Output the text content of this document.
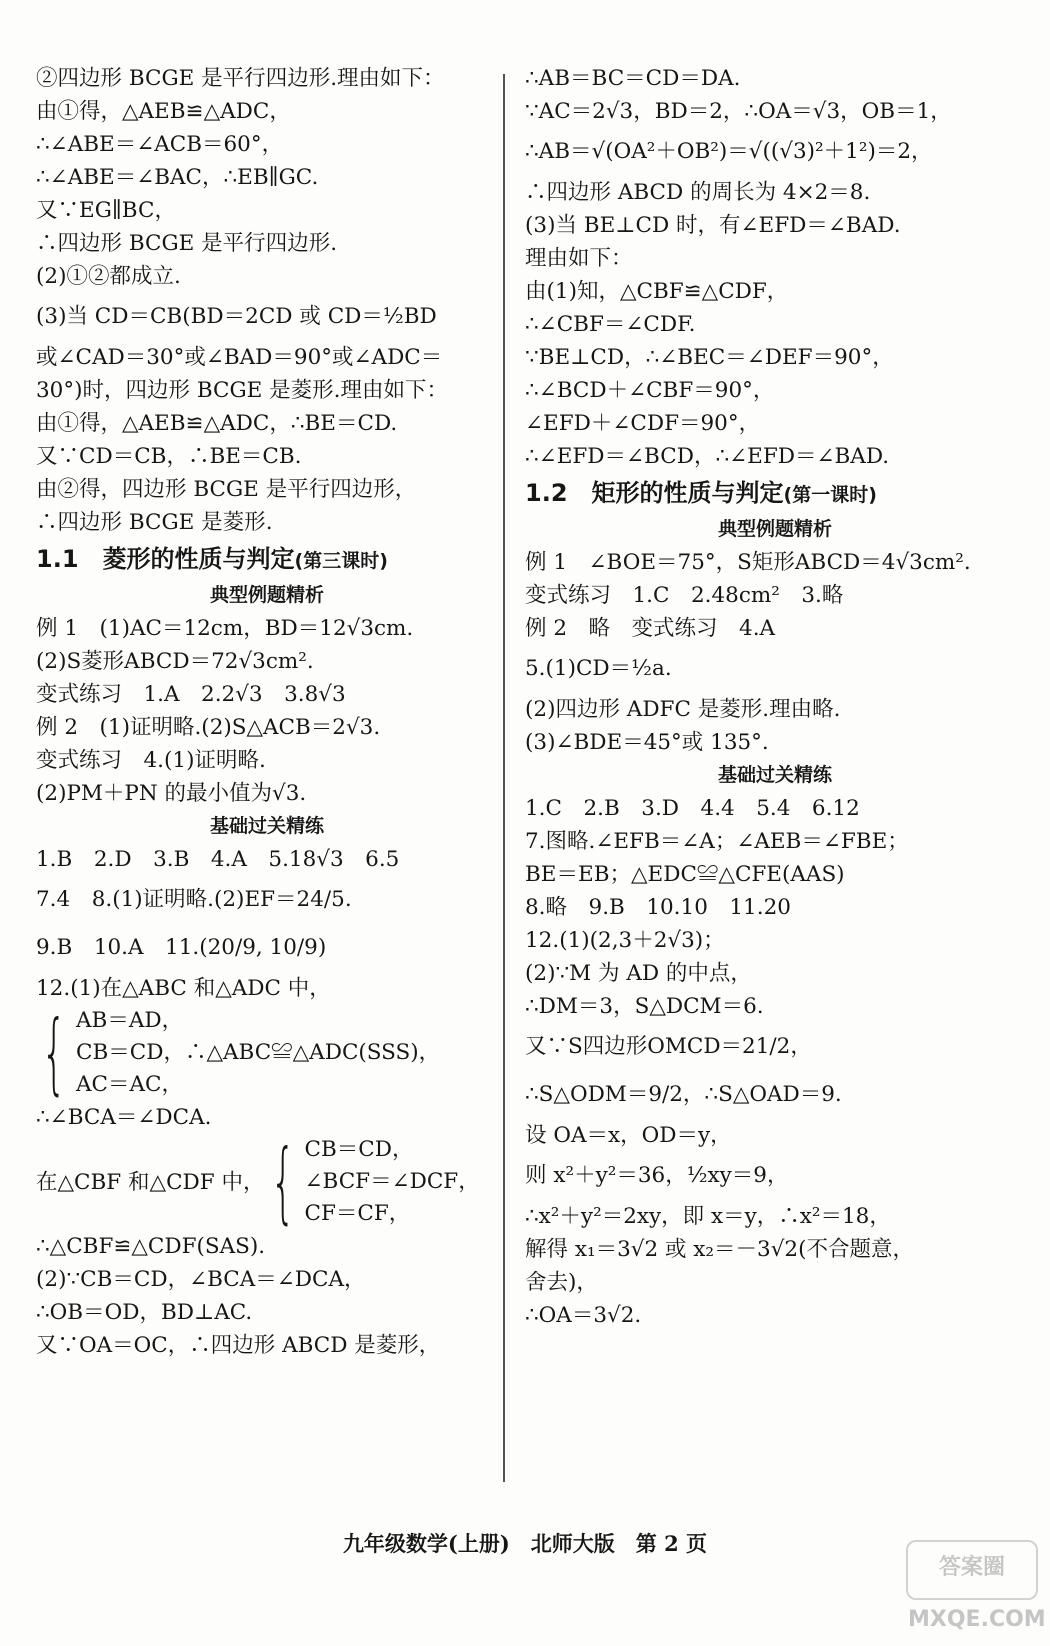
②四边形 BCGE 是平行四边形.理由如下：
由①得，△AEB≌△ADC，
∴∠ABE＝∠ACB＝60°，
∴∠ABE＝∠BAC，∴EB∥GC.
又∵EG∥BC，
∴四边形 BCGE 是平行四边形.
(2)①②都成立.
(3)当 CD＝CB(BD＝2CD 或 CD＝½BD
或∠CAD＝30°或∠BAD＝90°或∠ADC＝
30°)时，四边形 BCGE 是菱形.理由如下：
由①得，△AEB≌△ADC，∴BE＝CD.
又∵CD＝CB，∴BE＝CB.
由②得，四边形 BCGE 是平行四边形，
∴四边形 BCGE 是菱形.
1.1　菱形的性质与判定(第三课时)
典型例题精析
例 1　(1)AC＝12cm，BD＝12√3cm.
(2)S菱形ABCD＝72√3cm².
变式练习　1.A　2.2√3　3.8√3
例 2　(1)证明略.(2)S△ACB＝2√3.
变式练习　4.(1)证明略.
(2)PM＋PN 的最小值为√3.
基础过关精练
1.B　2.D　3.B　4.A　5.18√3　6.5
7.4　8.(1)证明略.(2)EF＝24/5.
9.B　10.A　11.(20/9, 10/9)
12.(1)在△ABC 和△ADC 中，
{ AB＝AD，
CB＝CD，∴△ABC≌△ADC(SSS)，
AC＝AC，
∴∠BCA＝∠DCA.
在△CBF 和△CDF 中， { CB＝CD，
∠BCF＝∠DCF，
CF＝CF，
∴△CBF≌△CDF(SAS).
(2)∵CB＝CD，∠BCA＝∠DCA，
∴OB＝OD，BD⊥AC.
又∵OA＝OC，∴四边形 ABCD 是菱形，
∴AB＝BC＝CD＝DA.
∵AC＝2√3，BD＝2，∴OA＝√3，OB＝1，
∴AB＝√(OA²＋OB²)＝√((√3)²＋1²)＝2，
∴四边形 ABCD 的周长为 4×2＝8.
(3)当 BE⊥CD 时，有∠EFD＝∠BAD.
理由如下：
由(1)知，△CBF≌△CDF，
∴∠CBF＝∠CDF.
∵BE⊥CD，∴∠BEC＝∠DEF＝90°，
∴∠BCD＋∠CBF＝90°，
∠EFD＋∠CDF＝90°，
∴∠EFD＝∠BCD，∴∠EFD＝∠BAD.
1.2　矩形的性质与判定(第一课时)
典型例题精析
例 1　∠BOE＝75°，S矩形ABCD＝4√3cm².
变式练习　1.C　2.48cm²　3.略
例 2　略　变式练习　4.A
5.(1)CD＝½a.
(2)四边形 ADFC 是菱形.理由略.
(3)∠BDE＝45°或 135°.
基础过关精练
1.C　2.B　3.D　4.4　5.4　6.12
7.图略.∠EFB＝∠A；∠AEB＝∠FBE；
BE＝EB；△EDC≌△CFE(AAS)
8.略　9.B　10.10　11.20
12.(1)(2,3＋2√3)；
(2)∵M 为 AD 的中点，
∴DM＝3，S△DCM＝6.
又∵S四边形OMCD＝21/2，
∴S△ODM＝9/2，∴S△OAD＝9.
设 OA＝x，OD＝y，
则 x²＋y²＝36，½xy＝9，
∴x²＋y²＝2xy，即 x＝y，∴x²＝18，
解得 x₁＝3√2 或 x₂＝－3√2(不合题意，
舍去)，
∴OA＝3√2.
九年级数学(上册)　北师大版　第 2 页
答案圈 MXQE.COM
